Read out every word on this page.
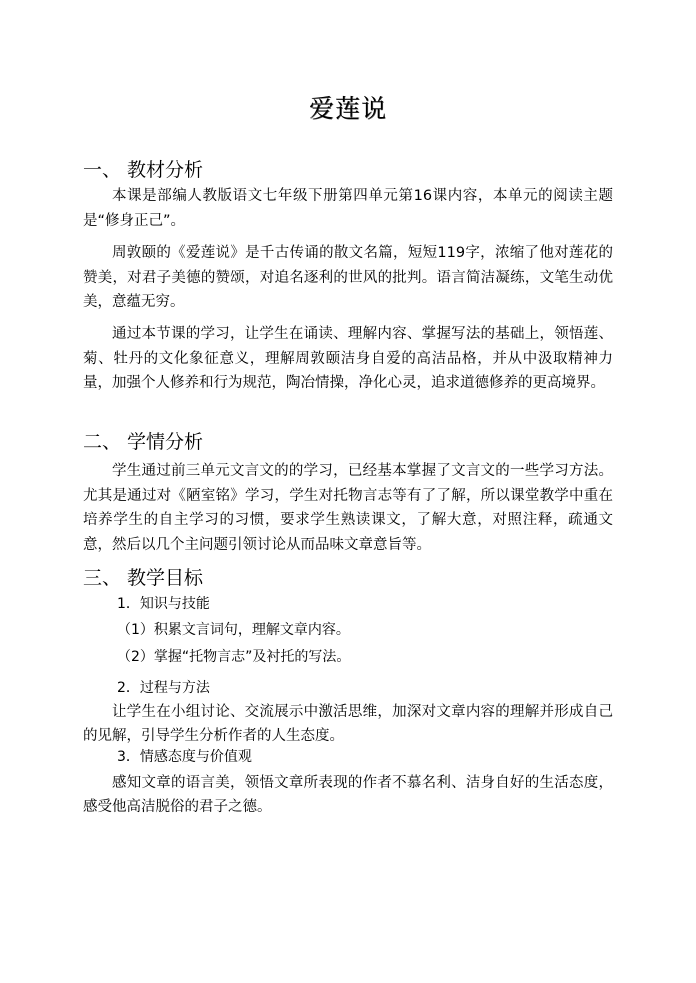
爱莲说
一、 教材分析
本课是部编人教版语文七年级下册第四单元第16课内容，本单元的阅读主题是“修身正己”。
周敦颐的《爱莲说》是千古传诵的散文名篇，短短119字，浓缩了他对莲花的赞美，对君子美德的赞颂，对追名逐利的世风的批判。语言简洁凝练，文笔生动优美，意蕴无穷。
通过本节课的学习，让学生在诵读、理解内容、掌握写法的基础上，领悟莲、菊、牡丹的文化象征意义，理解周敦颐洁身自爱的高洁品格，并从中汲取精神力量，加强个人修养和行为规范，陶冶情操，净化心灵，追求道德修养的更高境界。
二、 学情分析
学生通过前三单元文言文的的学习，已经基本掌握了文言文的一些学习方法。尤其是通过对《陋室铭》学习，学生对托物言志等有了了解，所以课堂教学中重在培养学生的自主学习的习惯，要求学生熟读课文，了解大意，对照注释，疏通文意，然后以几个主问题引领讨论从而品味文章意旨等。
三、 教学目标
1．知识与技能
（1）积累文言词句，理解文章内容。
（2）掌握“托物言志”及衬托的写法。
2．过程与方法
让学生在小组讨论、交流展示中激活思维，加深对文章内容的理解并形成自己的见解，引导学生分析作者的人生态度。
3．情感态度与价值观
感知文章的语言美，领悟文章所表现的作者不慕名利、洁身自好的生活态度，感受他高洁脱俗的君子之德。
